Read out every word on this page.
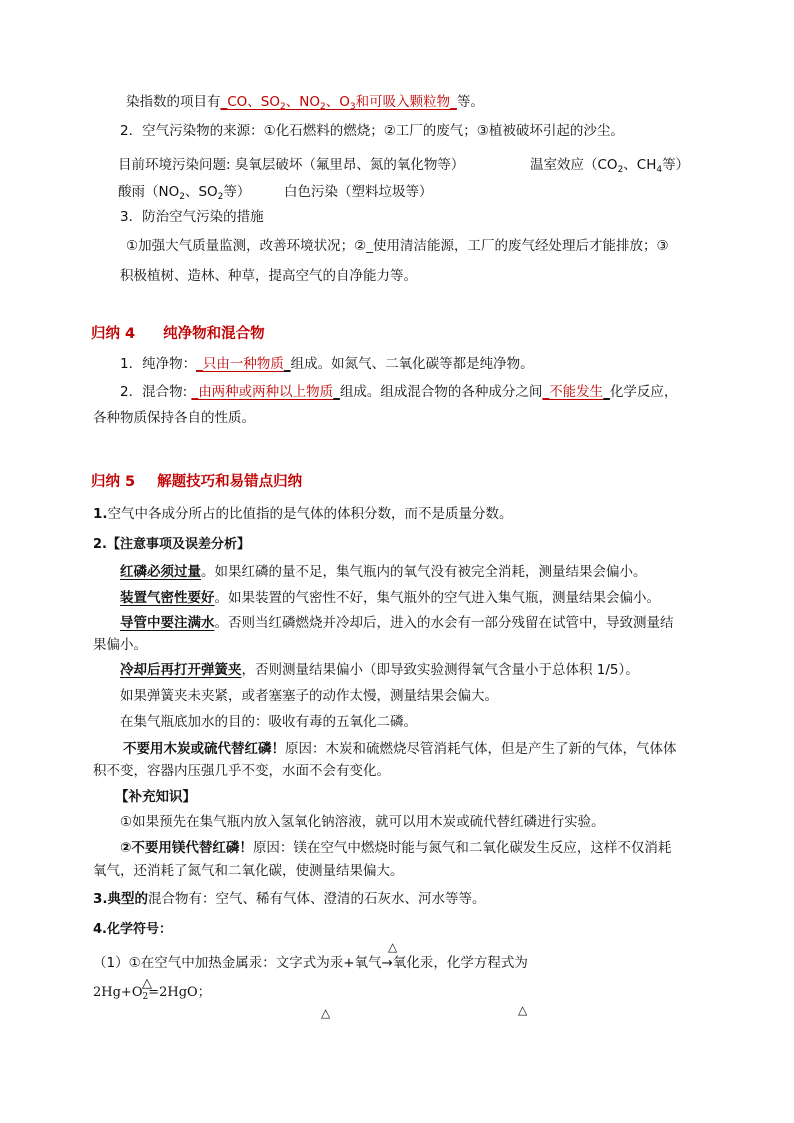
染指数的项目有_CO、$SO_2$、$NO_2$、$O_3$和可吸入颗粒物_等。
2．空气污染物的来源：①化石燃料的燃烧；②工厂的废气；③植被破坏引起的沙尘。
目前环境污染问题: 臭氧层破坏（氟里昂、氮的氧化物等）	温室效应（$CO_2$、$CH_4$等）
酸雨（$NO_2$、$SO_2$等） 白色污染（塑料垃圾等）
3．防治空气污染的措施
①加强大气质量监测，改善环境状况；②_使用清洁能源，工厂的废气经处理后才能排放；③
积极植树、造林、种草，提高空气的自净能力等。
归纳 4 纯净物和混合物
1．纯净物：_只由一种物质_组成。如氮气、二氧化碳等都是纯净物。
2．混合物: _由两种或两种以上物质_组成。组成混合物的各种成分之间_不能发生_化学反应，
各种物质保持各自的性质。
归纳 5 解题技巧和易错点归纳
1.空气中各成分所占的比值指的是气体的体积分数，而不是质量分数。
2.【注意事项及误差分析】
红磷必须过量。如果红磷的量不足，集气瓶内的氧气没有被完全消耗，测量结果会偏小。
装置气密性要好。如果装置的气密性不好，集气瓶外的空气进入集气瓶，测量结果会偏小。
导管中要注满水。否则当红磷燃烧并冷却后，进入的水会有一部分残留在试管中，导致测量结
果偏小。
冷却后再打开弹簧夹，否则测量结果偏小（即导致实验测得氧气含量小于总体积 1/5）。
如果弹簧夹未夹紧，或者塞塞子的动作太慢，测量结果会偏大。
在集气瓶底加水的目的：吸收有毒的五氧化二磷。
不要用木炭或硫代替红磷！原因：木炭和硫燃烧尽管消耗气体，但是产生了新的气体，气体体
积不变，容器内压强几乎不变，水面不会有变化。
【补充知识】
①如果预先在集气瓶内放入氢氧化钠溶液，就可以用木炭或硫代替红磷进行实验。
②不要用镁代替红磷！原因：镁在空气中燃烧时能与氮气和二氧化碳发生反应，这样不仅消耗
氧气，还消耗了氮气和二氧化碳，使测量结果偏大。
3.典型的混合物有：空气、稀有气体、澄清的石灰水、河水等等。
4.化学符号：
△
（1）①在空气中加热金属汞：文字式为汞+氧气→氧化汞，化学方程式为
△
$2Hg+O_2=2HgO$；
△	△
